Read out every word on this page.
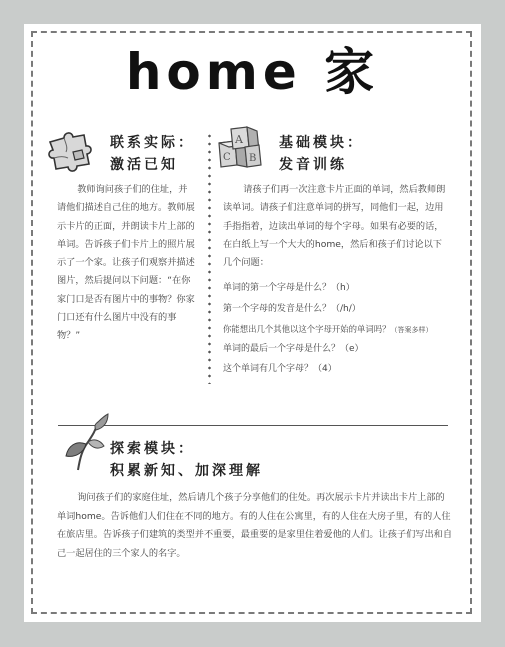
home 家
联系实际：
激活已知

教师询问孩子们的住址，并请他们描述自己住的地方。教师展示卡片的正面，并朗读卡片上部的单词。告诉孩子们卡片上的照片展示了一个家。让孩子们观察并描述图片，然后提问以下问题：“在你家门口是否有图片中的事物？你家门口还有什么图片中没有的事物？”

A
C B
基础模块：
发音训练

请孩子们再一次注意卡片正面的单词，然后教师朗读单词。请孩子们注意单词的拼写，同他们一起，边用手指指着，边读出单词的每个字母。如果有必要的话，在白纸上写一个大大的home，然后和孩子们讨论以下几个问题：

单词的第一个字母是什么？（h）
第一个字母的发音是什么？（/h/）
你能想出几个其他以这个字母开始的单词吗？（答案多样）
单词的最后一个字母是什么？（e）
这个单词有几个字母？（4）
探索模块：
积累新知、加深理解

询问孩子们的家庭住址，然后请几个孩子分享他们的住处。再次展示卡片并读出卡片上部的单词home。告诉他们人们住在不同的地方。有的人住在公寓里，有的人住在大房子里，有的人住在旅店里。告诉孩子们建筑的类型并不重要，最重要的是家里住着爱他的人们。让孩子们写出和自己一起居住的三个家人的名字。
